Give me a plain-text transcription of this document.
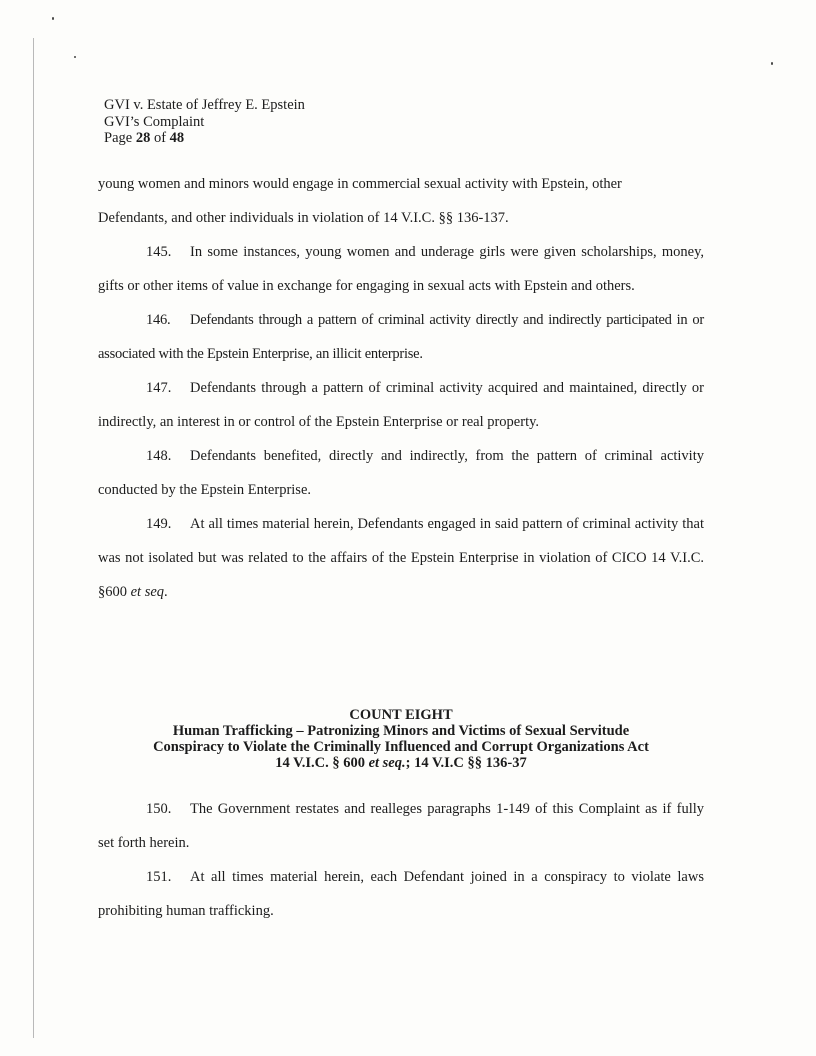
GVI v. Estate of Jeffrey E. Epstein
GVI’s Complaint
Page 28 of 48

young women and minors would engage in commercial sexual activity with Epstein, other
Defendants, and other individuals in violation of 14 V.I.C. §§ 136-137.

145. In some instances, young women and underage girls were given scholarships, money, gifts or other items of value in exchange for engaging in sexual acts with Epstein and others.

146. Defendants through a pattern of criminal activity directly and indirectly participated in or associated with the Epstein Enterprise, an illicit enterprise.

147. Defendants through a pattern of criminal activity acquired and maintained, directly or indirectly, an interest in or control of the Epstein Enterprise or real property.

148. Defendants benefited, directly and indirectly, from the pattern of criminal activity conducted by the Epstein Enterprise.

149. At all times material herein, Defendants engaged in said pattern of criminal activity that was not isolated but was related to the affairs of the Epstein Enterprise in violation of CICO 14 V.I.C. §600 et seq.

COUNT EIGHT
Human Trafficking – Patronizing Minors and Victims of Sexual Servitude
Conspiracy to Violate the Criminally Influenced and Corrupt Organizations Act
14 V.I.C. § 600 et seq.; 14 V.I.C §§ 136-37

150. The Government restates and realleges paragraphs 1-149 of this Complaint as if fully set forth herein.

151. At all times material herein, each Defendant joined in a conspiracy to violate laws prohibiting human trafficking.
